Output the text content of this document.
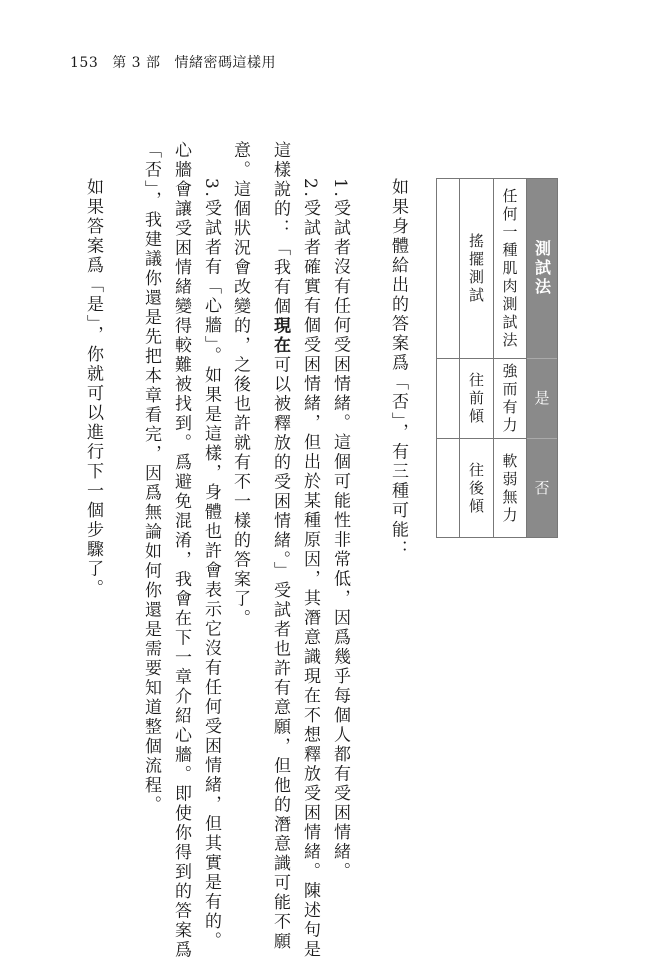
153 第 3 部 情緒密碼這樣用
測試法
是
否
任何一種肌肉測試法
強而有力
軟弱無力
搖擺測試
往前傾
往後傾
如果身體給出的答案爲「否」，有三種可能：
1.受試者沒有任何受困情緒。這個可能性非常低，因爲幾乎每個人都有受困情緒。
2.受試者確實有個受困情緒，但出於某種原因，其潛意識現在不想釋放受困情緒。陳述句是
這樣說的：「我有個現在可以被釋放的受困情緒。」受試者也許有意願，但他的潛意識可能不願
意。這個狀況會改變的，之後也許就有不一樣的答案了。
3.受試者有「心牆」。如果是這樣，身體也許會表示它沒有任何受困情緒，但其實是有的。
心牆會讓受困情緒變得較難被找到。爲避免混淆，我會在下一章介紹心牆。即使你得到的答案爲
「否」，我建議你還是先把本章看完，因爲無論如何你還是需要知道整個流程。
如果答案爲「是」，你就可以進行下一個步驟了。
